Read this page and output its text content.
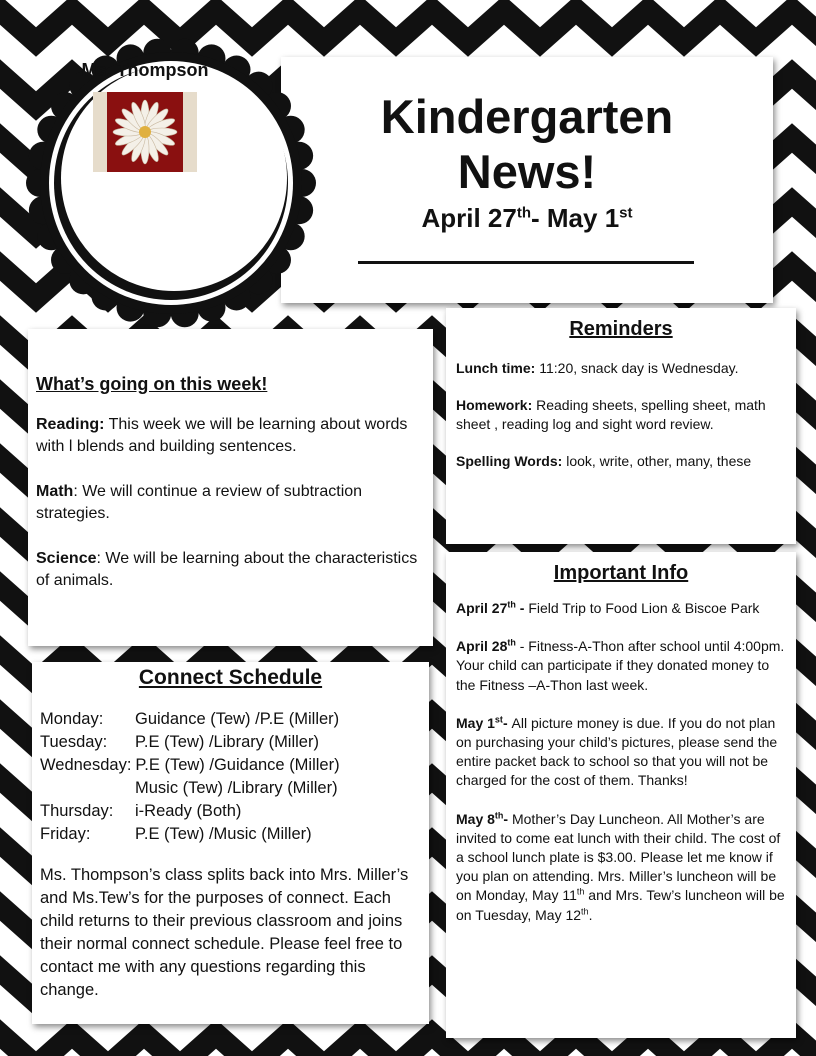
Kindergarten
News!
April 27th- May 1st
Ms. Thompson
What’s going on this week!
Reading: This week we will be learning about words with l blends and building sentences.
Math: We will continue a review of subtraction strategies.
Science: We will be learning about the characteristics of animals.
Connect Schedule
Monday: Guidance (Tew) /P.E (Miller)
Tuesday: P.E (Tew) /Library (Miller)
Wednesday: P.E (Tew) /Guidance (Miller)
Music (Tew) /Library (Miller)
Thursday: i-Ready (Both)
Friday:	P.E (Tew) /Music (Miller)
Ms. Thompson’s class splits back into Mrs. Miller’s and Ms.Tew’s for the purposes of connect. Each child returns to their previous classroom and joins their normal connect schedule. Please feel free to contact me with any questions regarding this change.
Reminders
Lunch time: 11:20, snack day is Wednesday.
Homework: Reading sheets, spelling sheet, math sheet , reading log and sight word review.
Spelling Words: look, write, other, many, these
Important Info
April 27th - Field Trip to Food Lion & Biscoe Park
April 28th - Fitness-A-Thon after school until 4:00pm. Your child can participate if they donated money to the Fitness –A-Thon last week.
May 1st- All picture money is due. If you do not plan on purchasing your child’s pictures, please send the entire packet back to school so that you will not be charged for the cost of them. Thanks!
May 8th- Mother’s Day Luncheon. All Mother’s are invited to come eat lunch with their child. The cost of a school lunch plate is $3.00. Please let me know if you plan on attending. Mrs. Miller’s luncheon will be on Monday, May 11th and Mrs. Tew’s luncheon will be on Tuesday, May 12th.
